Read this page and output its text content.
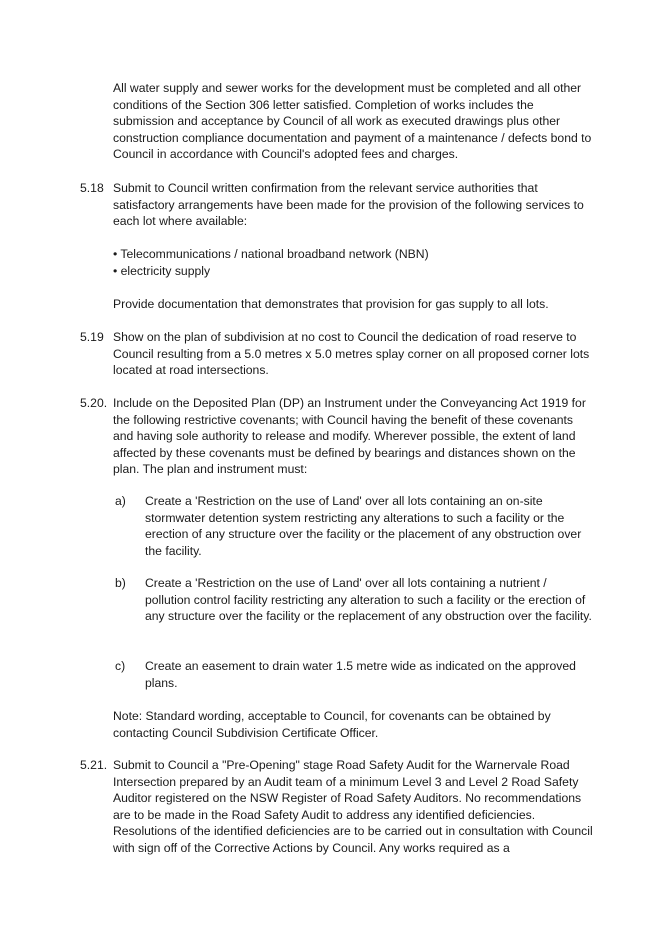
All water supply and sewer works for the development must be completed and all other conditions of the Section 306 letter satisfied. Completion of works includes the submission and acceptance by Council of all work as executed drawings plus other construction compliance documentation and payment of a maintenance / defects bond to Council in accordance with Council's adopted fees and charges.

5.18 Submit to Council written confirmation from the relevant service authorities that satisfactory arrangements have been made for the provision of the following services to each lot where available:

• Telecommunications / national broadband network (NBN)

• electricity supply

Provide documentation that demonstrates that provision for gas supply to all lots.

5.19 Show on the plan of subdivision at no cost to Council the dedication of road reserve to Council resulting from a 5.0 metres x 5.0 metres splay corner on all proposed corner lots located at road intersections.

5.20. Include on the Deposited Plan (DP) an Instrument under the Conveyancing Act 1919 for the following restrictive covenants; with Council having the benefit of these covenants and having sole authority to release and modify. Wherever possible, the extent of land affected by these covenants must be defined by bearings and distances shown on the plan. The plan and instrument must:

a) Create a 'Restriction on the use of Land' over all lots containing an on-site stormwater detention system restricting any alterations to such a facility or the erection of any structure over the facility or the placement of any obstruction over the facility.

b) Create a 'Restriction on the use of Land' over all lots containing a nutrient / pollution control facility restricting any alteration to such a facility or the erection of any structure over the facility or the replacement of any obstruction over the facility.

c) Create an easement to drain water 1.5 metre wide as indicated on the approved plans.

Note: Standard wording, acceptable to Council, for covenants can be obtained by contacting Council Subdivision Certificate Officer.

5.21. Submit to Council a "Pre-Opening" stage Road Safety Audit for the Warnervale Road Intersection prepared by an Audit team of a minimum Level 3 and Level 2 Road Safety Auditor registered on the NSW Register of Road Safety Auditors. No recommendations are to be made in the Road Safety Audit to address any identified deficiencies. Resolutions of the identified deficiencies are to be carried out in consultation with Council with sign off of the Corrective Actions by Council. Any works required as a
